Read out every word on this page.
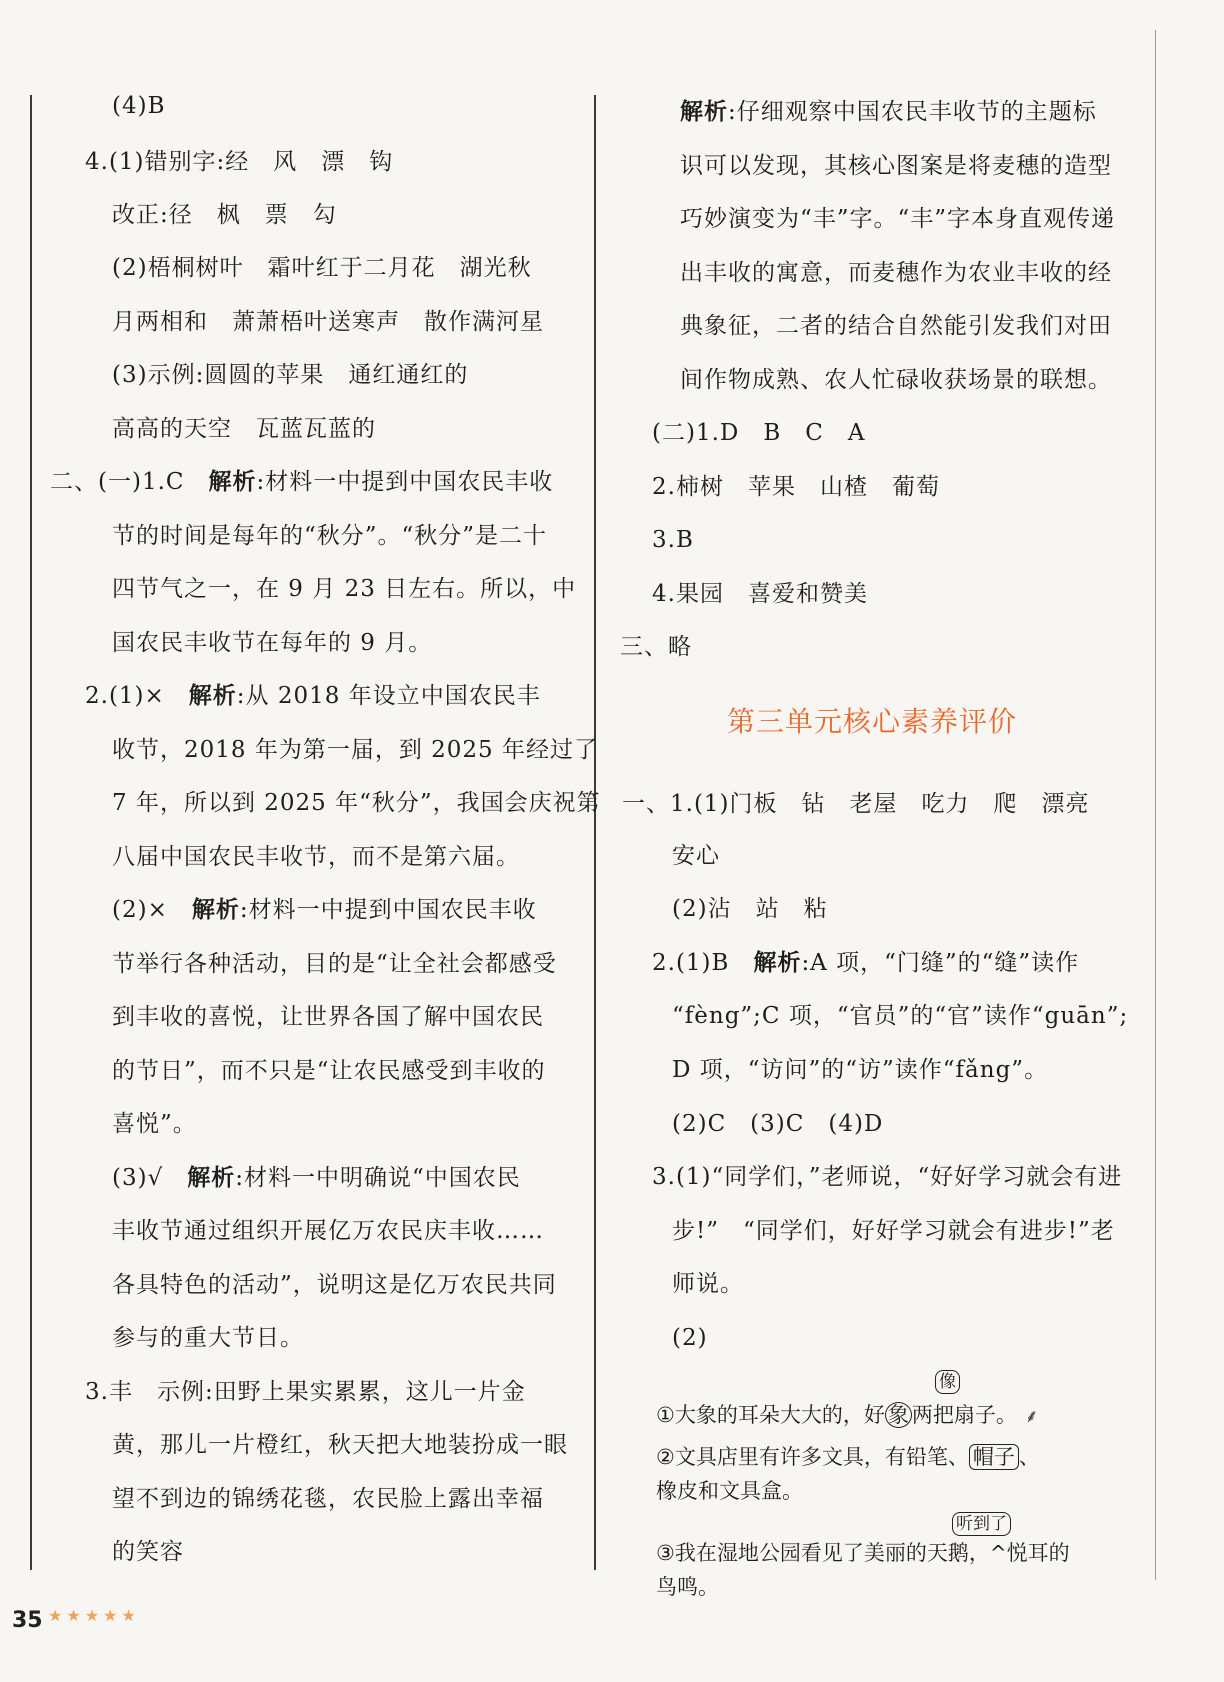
(4)B
4.(1)错别字:经　风　漂　钩
改正:径　枫　票　勾
(2)梧桐树叶　霜叶红于二月花　湖光秋
月两相和　萧萧梧叶送寒声　散作满河星
(3)示例:圆圆的苹果　通红通红的
高高的天空　瓦蓝瓦蓝的
二、(一)1.C　解析:材料一中提到中国农民丰收
节的时间是每年的“秋分”。“秋分”是二十
四节气之一，在 9 月 23 日左右。所以，中
国农民丰收节在每年的 9 月。
2.(1)×　解析:从 2018 年设立中国农民丰
收节，2018 年为第一届，到 2025 年经过了
7 年，所以到 2025 年“秋分”，我国会庆祝第
八届中国农民丰收节，而不是第六届。
(2)×　解析:材料一中提到中国农民丰收
节举行各种活动，目的是“让全社会都感受
到丰收的喜悦，让世界各国了解中国农民
的节日”，而不只是“让农民感受到丰收的
喜悦”。
(3)√　解析:材料一中明确说“中国农民
丰收节通过组织开展亿万农民庆丰收……
各具特色的活动”，说明这是亿万农民共同
参与的重大节日。
3.丰　示例:田野上果实累累，这儿一片金
黄，那儿一片橙红，秋天把大地装扮成一眼
望不到边的锦绣花毯，农民脸上露出幸福
的笑容
解析:仔细观察中国农民丰收节的主题标
识可以发现，其核心图案是将麦穗的造型
巧妙演变为“丰”字。“丰”字本身直观传递
出丰收的寓意，而麦穗作为农业丰收的经
典象征，二者的结合自然能引发我们对田
间作物成熟、农人忙碌收获场景的联想。
(二)1.D　B　C　A
2.柿树　苹果　山楂　葡萄
3.B
4.果园　喜爱和赞美
三、略
第三单元核心素养评价
一、1.(1)门板　钻　老屋　吃力　爬　漂亮
安心
(2)沾　站　粘
2.(1)B　解析:A 项，“门缝”的“缝”读作
“fèng”;C 项，“官员”的“官”读作“guān”;
D 项，“访问”的“访”读作“fǎng”。
(2)C　(3)C　(4)D
3.(1)“同学们，”老师说，“好好学习就会有进
步!”　“同学们，好好学习就会有进步!”老
师说。
(2)
像
①大象的耳朵大大的，好 象 两把扇子。 ⸙
②文具店里有许多文具，有铅笔、 帽子 、
橡皮和文具盒。
听到了
③我在湿地公园看见了美丽的天鹅，^悦耳的
鸟鸣。
35 ★★★★★
